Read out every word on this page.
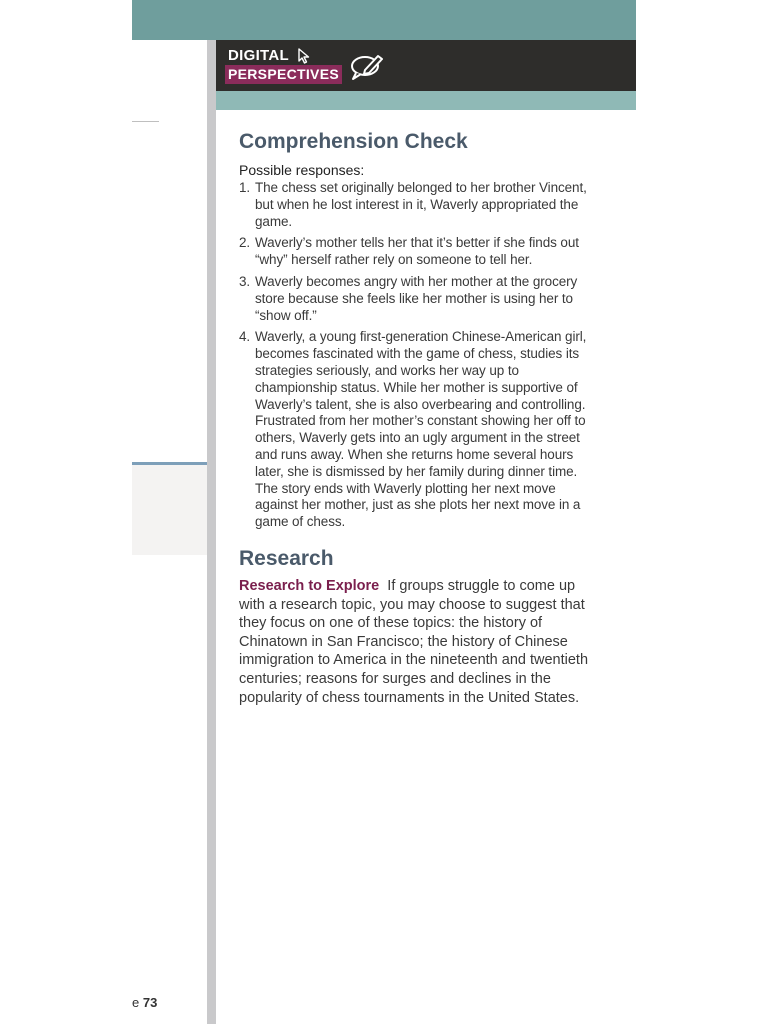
DIGITAL
PERSPECTIVES
Comprehension Check

Possible responses:

1. The chess set originally belonged to her brother Vincent, but when he lost interest in it, Waverly appropriated the game.
2. Waverly’s mother tells her that it’s better if she finds out “why” herself rather rely on someone to tell her.
3. Waverly becomes angry with her mother at the grocery store because she feels like her mother is using her to “show off.”
4. Waverly, a young first-generation Chinese-American girl, becomes fascinated with the game of chess, studies its strategies seriously, and works her way up to championship status. While her mother is supportive of Waverly’s talent, she is also overbearing and controlling. Frustrated from her mother’s constant showing her off to others, Waverly gets into an ugly argument in the street and runs away. When she returns home several hours later, she is dismissed by her family during dinner time. The story ends with Waverly plotting her next move against her mother, just as she plots her next move in a game of chess.
Research

Research to Explore If groups struggle to come up with a research topic, you may choose to suggest that they focus on one of these topics: the history of Chinatown in San Francisco; the history of Chinese immigration to America in the nineteenth and twentieth centuries; reasons for surges and declines in the popularity of chess tournaments in the United States.

e 73
